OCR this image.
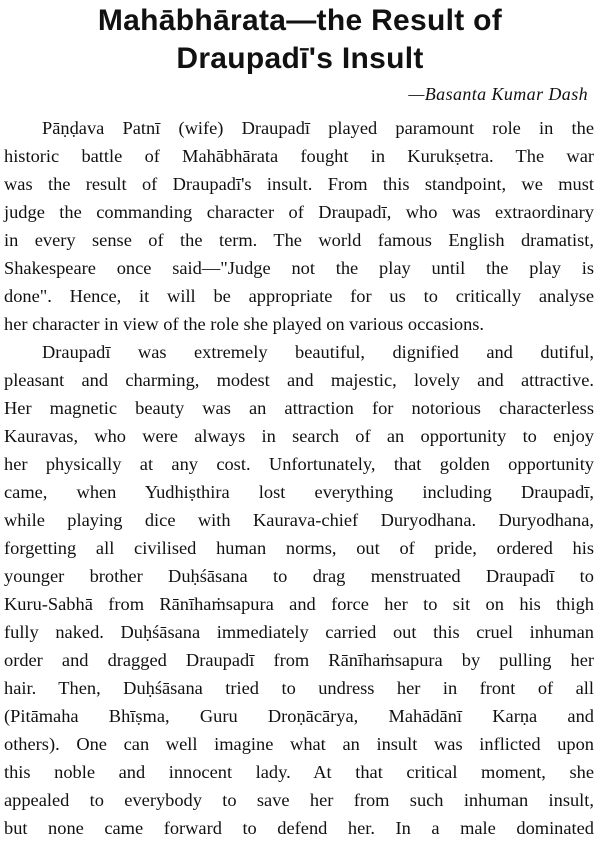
Mahābhārata—the Result of
Draupadī's Insult
—Basanta Kumar Dash

Pāṇḍava Patnī (wife) Draupadī played paramount role in the
historic battle of Mahābhārata fought in Kurukṣetra. The war
was the result of Draupadī's insult. From this standpoint, we must
judge the commanding character of Draupadī, who was extraordinary
in every sense of the term. The world famous English dramatist,
Shakespeare once said—"Judge not the play until the play is
done". Hence, it will be appropriate for us to critically analyse
her character in view of the role she played on various occasions.

Draupadī was extremely beautiful, dignified and dutiful,
pleasant and charming, modest and majestic, lovely and attractive.
Her magnetic beauty was an attraction for notorious characterless
Kauravas, who were always in search of an opportunity to enjoy
her physically at any cost. Unfortunately, that golden opportunity
came, when Yudhiṣthira lost everything including Draupadī,
while playing dice with Kaurava-chief Duryodhana. Duryodhana,
forgetting all civilised human norms, out of pride, ordered his
younger brother Duḥśāsana to drag menstruated Draupadī to
Kuru-Sabhā from Rānīhaṁsapura and force her to sit on his thigh
fully naked. Duḥśāsana immediately carried out this cruel inhuman
order and dragged Draupadī from Rānīhaṁsapura by pulling her
hair. Then, Duḥśāsana tried to undress her in front of all
(Pitāmaha Bhīṣma, Guru Droṇācārya, Mahādānī Karṇa and
others). One can well imagine what an insult was inflicted upon
this noble and innocent lady. At that critical moment, she
appealed to everybody to save her from such inhuman insult,
but none came forward to defend her. In a male dominated
